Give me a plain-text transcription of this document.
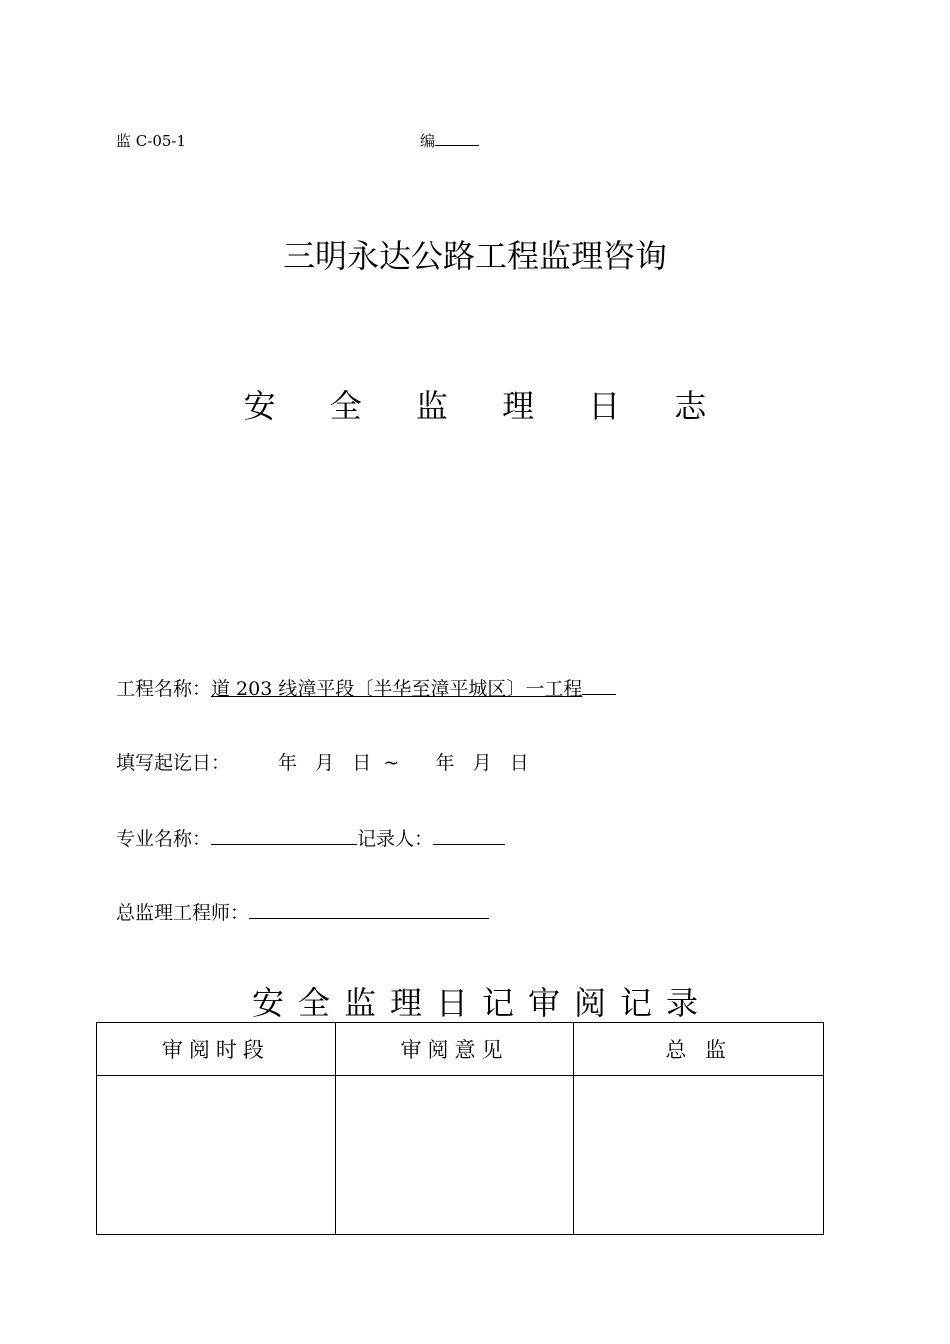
监 C-05-1	编
三明永达公路工程监理咨询
安 全 监 理 日 志
工程名称：道 203 线漳平段〔半华至漳平城区〕一工程
填写起讫日：	年   月   日  ~      年   月   日
专业名称：	记录人：
总监理工程师：
安全监理日记审阅记录
审阅时段	审阅意见	总 监
